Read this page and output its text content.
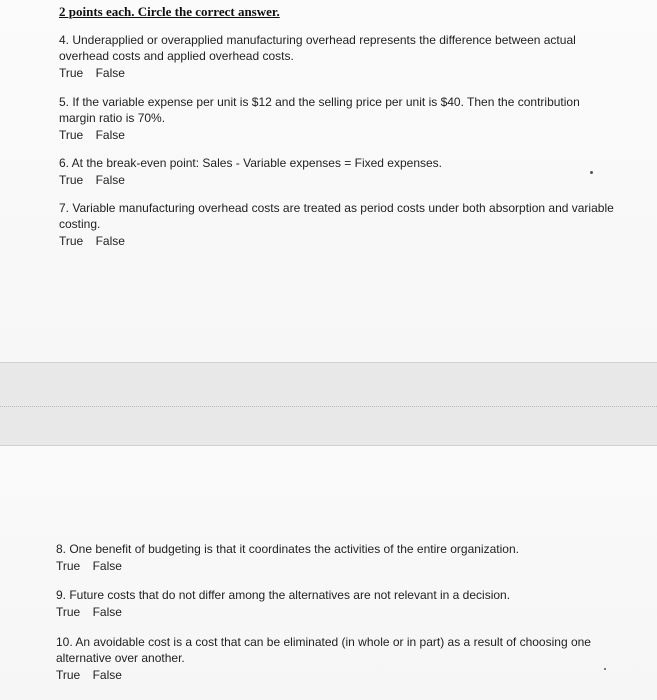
2 points each. Circle the correct answer.

4. Underapplied or overapplied manufacturing overhead represents the difference between actual overhead costs and applied overhead costs.

True False

5. If the variable expense per unit is $12 and the selling price per unit is $40. Then the contribution margin ratio is 70%.

True False

6. At the break-even point: Sales - Variable expenses = Fixed expenses.

True False

7. Variable manufacturing overhead costs are treated as period costs under both absorption and variable costing.

True False

8. One benefit of budgeting is that it coordinates the activities of the entire organization.

True False

9. Future costs that do not differ among the alternatives are not relevant in a decision.

True False

10. An avoidable cost is a cost that can be eliminated (in whole or in part) as a result of choosing one alternative over another.

True False
